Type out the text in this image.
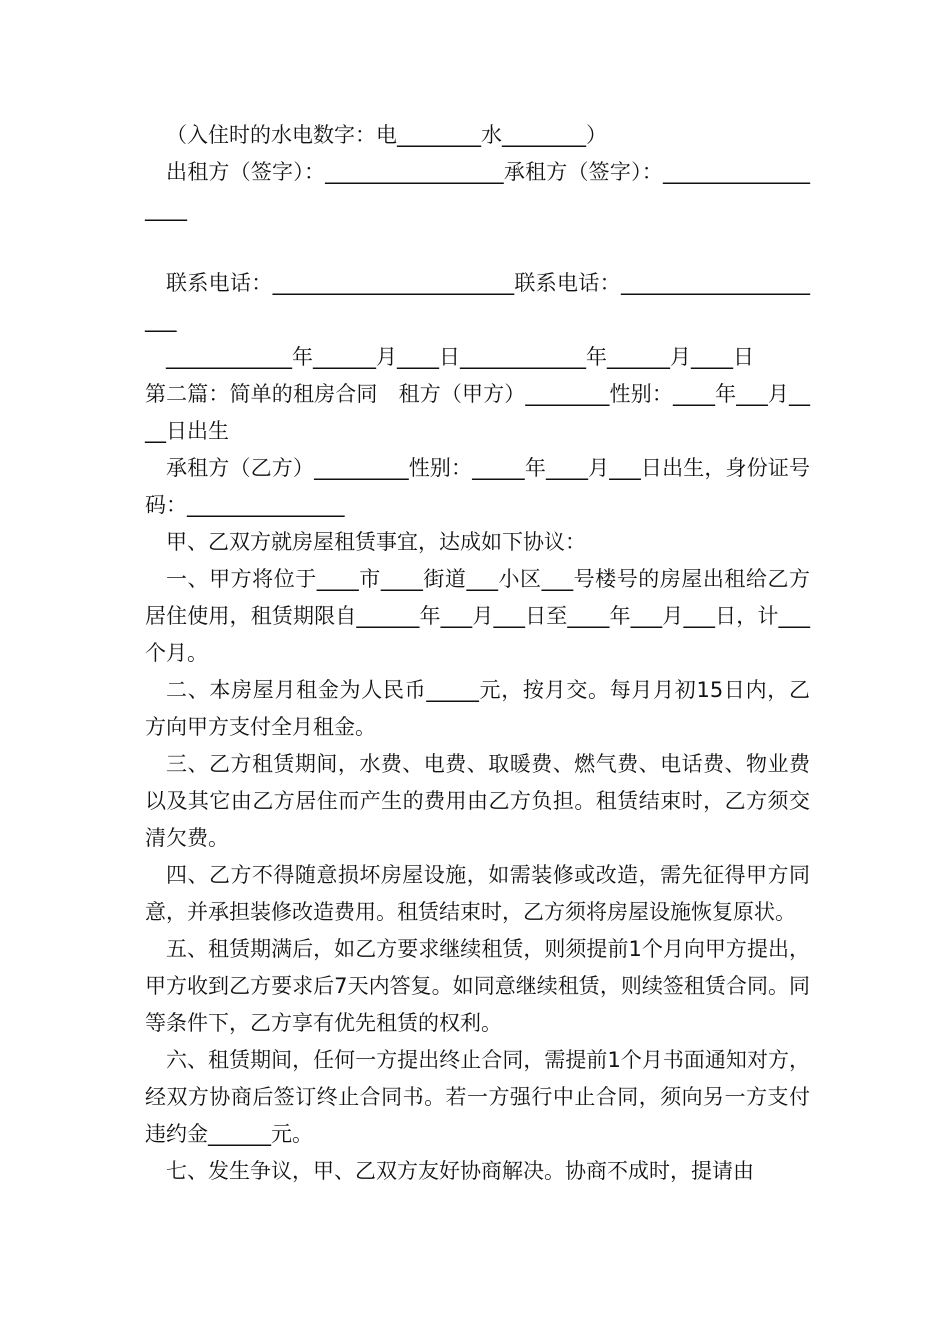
（入住时的水电数字：电________水________）

出租方（签字）：_________________承租方（签字）：__________________

联系电话：_______________________联系电话：_____________________

____________年______月____日____________年______月____日

第二篇：简单的租房合同　租方（甲方）________性别：____年___月____日出生

承租方（乙方）_________性别：_____年____月___日出生，身份证号码：_______________

甲、乙双方就房屋租赁事宜，达成如下协议：

一、甲方将位于____市____街道___小区___号楼号的房屋出租给乙方居住使用，租赁期限自______年___月___日至____年___月___日，计___个月。

二、本房屋月租金为人民币_____元，按月交。每月月初15日内，乙方向甲方支付全月租金。

三、乙方租赁期间，水费、电费、取暖费、燃气费、电话费、物业费以及其它由乙方居住而产生的费用由乙方负担。租赁结束时，乙方须交清欠费。

四、乙方不得随意损坏房屋设施，如需装修或改造，需先征得甲方同意，并承担装修改造费用。租赁结束时，乙方须将房屋设施恢复原状。

五、租赁期满后，如乙方要求继续租赁，则须提前1个月向甲方提出，甲方收到乙方要求后7天内答复。如同意继续租赁，则续签租赁合同。同等条件下，乙方享有优先租赁的权利。

六、租赁期间，任何一方提出终止合同，需提前1个月书面通知对方，经双方协商后签订终止合同书。若一方强行中止合同，须向另一方支付违约金______元。

七、发生争议，甲、乙双方友好协商解决。协商不成时，提请由
